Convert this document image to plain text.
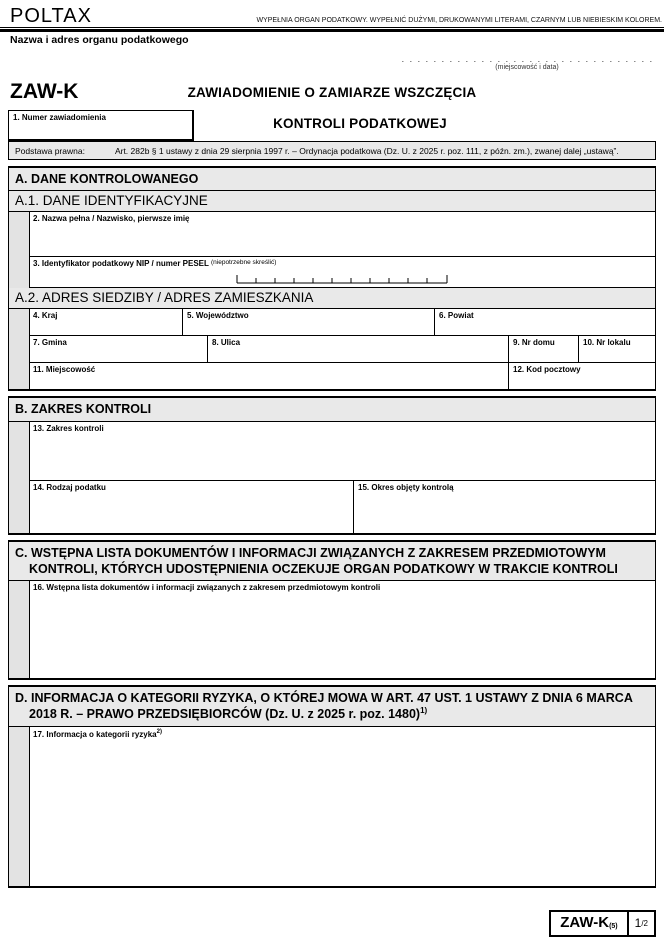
POLTAX	WYPEŁNIA ORGAN PODATKOWY. WYPEŁNIĆ DUŻYMI, DRUKOWANYMI LITERAMI, CZARNYM LUB NIEBIESKIM KOLOREM.
Nazwa i adres organu podatkowego
(miejscowość i data)
ZAW-K	ZAWIADOMIENIE O ZAMIARZE WSZCZĘCIA
1. Numer zawiadomienia	KONTROLI PODATKOWEJ
Podstawa prawna:	Art. 282b § 1 ustawy z dnia 29 sierpnia 1997 r. – Ordynacja podatkowa (Dz. U. z 2025 r. poz. 111, z późn. zm.), zwanej dalej „ustawą”.
A. DANE KONTROLOWANEGO
A.1. DANE IDENTYFIKACYJNE
2. Nazwa pełna / Nazwisko, pierwsze imię
3. Identyfikator podatkowy NIP / numer PESEL $^{(niepotrzebne skreślić)}$
A.2. ADRES SIEDZIBY / ADRES ZAMIESZKANIA
4. Kraj	5. Województwo	6. Powiat
7. Gmina	8. Ulica	9. Nr domu	10. Nr lokalu
11. Miejscowość	12. Kod pocztowy
B. ZAKRES KONTROLI
13. Zakres kontroli
14. Rodzaj podatku	15. Okres objęty kontrolą
C. WSTĘPNA LISTA DOKUMENTÓW I INFORMACJI ZWIĄZANYCH Z ZAKRESEM PRZEDMIOTOWYM KONTROLI, KTÓRYCH UDOSTĘPNIENIA OCZEKUJE ORGAN PODATKOWY W TRAKCIE KONTROLI
16. Wstępna lista dokumentów i informacji związanych z zakresem przedmiotowym kontroli
D. INFORMACJA O KATEGORII RYZYKA, O KTÓREJ MOWA W ART. 47 UST. 1 USTAWY Z DNIA 6 MARCA 2018 R. – PRAWO PRZEDSIĘBIORCÓW (Dz. U. z 2025 r. poz. 1480)$^{1)}$
17. Informacja o kategorii ryzyka$^{2)}$
ZAW-K(5)	1 /2
